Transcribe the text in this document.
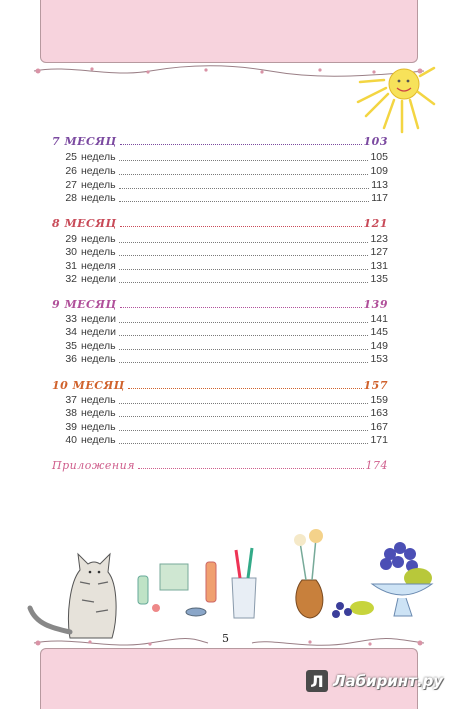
7 МЕСЯЦ	103
25 недель	105
26 недель	109
27 недель	113
28 недель	117
8 МЕСЯЦ	121
29 недель	123
30 недель	127
31 неделя	131
32 недели	135
9 МЕСЯЦ	139
33 недели	141
34 недели	145
35 недель	149
36 недель	153
10 МЕСЯЦ	157
37 недель	159
38 недель	163
39 недель	167
40 недель	171
Приложения	174
5
Л Лабиринт.ру
